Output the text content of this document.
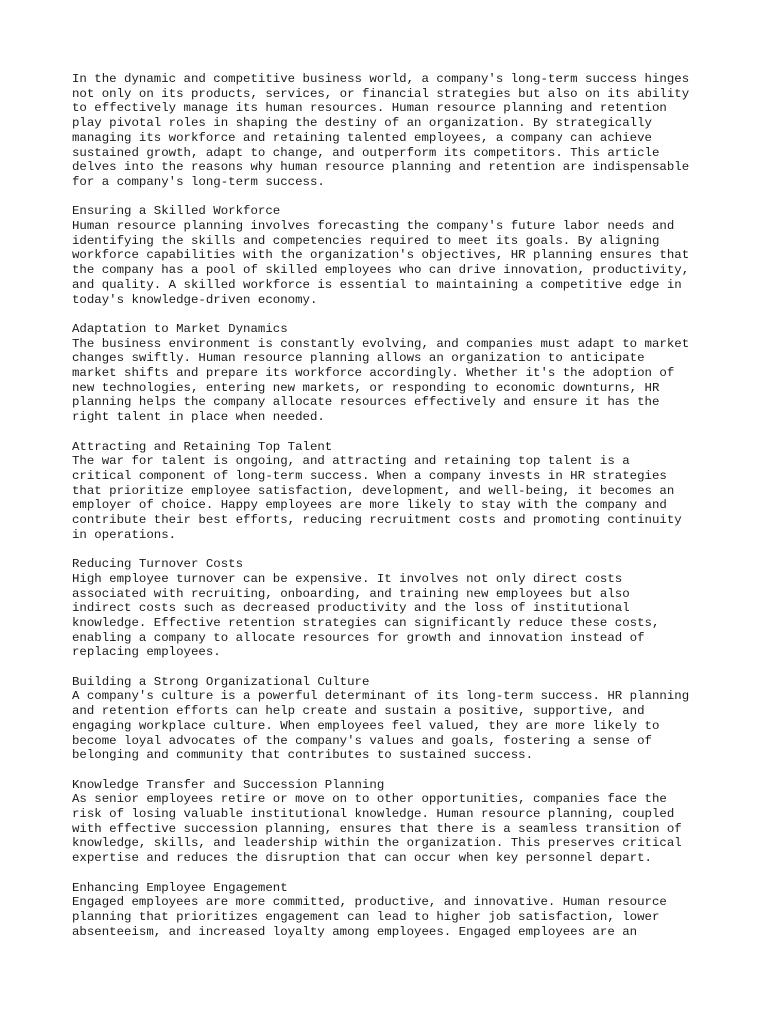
In the dynamic and competitive business world, a company's long-term success hinges
not only on its products, services, or financial strategies but also on its ability
to effectively manage its human resources. Human resource planning and retention
play pivotal roles in shaping the destiny of an organization. By strategically
managing its workforce and retaining talented employees, a company can achieve
sustained growth, adapt to change, and outperform its competitors. This article
delves into the reasons why human resource planning and retention are indispensable
for a company's long-term success.
Ensuring a Skilled Workforce
Human resource planning involves forecasting the company's future labor needs and
identifying the skills and competencies required to meet its goals. By aligning
workforce capabilities with the organization's objectives, HR planning ensures that
the company has a pool of skilled employees who can drive innovation, productivity,
and quality. A skilled workforce is essential to maintaining a competitive edge in
today's knowledge-driven economy.
Adaptation to Market Dynamics
The business environment is constantly evolving, and companies must adapt to market
changes swiftly. Human resource planning allows an organization to anticipate
market shifts and prepare its workforce accordingly. Whether it's the adoption of
new technologies, entering new markets, or responding to economic downturns, HR
planning helps the company allocate resources effectively and ensure it has the
right talent in place when needed.
Attracting and Retaining Top Talent
The war for talent is ongoing, and attracting and retaining top talent is a
critical component of long-term success. When a company invests in HR strategies
that prioritize employee satisfaction, development, and well-being, it becomes an
employer of choice. Happy employees are more likely to stay with the company and
contribute their best efforts, reducing recruitment costs and promoting continuity
in operations.
Reducing Turnover Costs
High employee turnover can be expensive. It involves not only direct costs
associated with recruiting, onboarding, and training new employees but also
indirect costs such as decreased productivity and the loss of institutional
knowledge. Effective retention strategies can significantly reduce these costs,
enabling a company to allocate resources for growth and innovation instead of
replacing employees.
Building a Strong Organizational Culture
A company's culture is a powerful determinant of its long-term success. HR planning
and retention efforts can help create and sustain a positive, supportive, and
engaging workplace culture. When employees feel valued, they are more likely to
become loyal advocates of the company's values and goals, fostering a sense of
belonging and community that contributes to sustained success.
Knowledge Transfer and Succession Planning
As senior employees retire or move on to other opportunities, companies face the
risk of losing valuable institutional knowledge. Human resource planning, coupled
with effective succession planning, ensures that there is a seamless transition of
knowledge, skills, and leadership within the organization. This preserves critical
expertise and reduces the disruption that can occur when key personnel depart.
Enhancing Employee Engagement
Engaged employees are more committed, productive, and innovative. Human resource
planning that prioritizes engagement can lead to higher job satisfaction, lower
absenteeism, and increased loyalty among employees. Engaged employees are an
